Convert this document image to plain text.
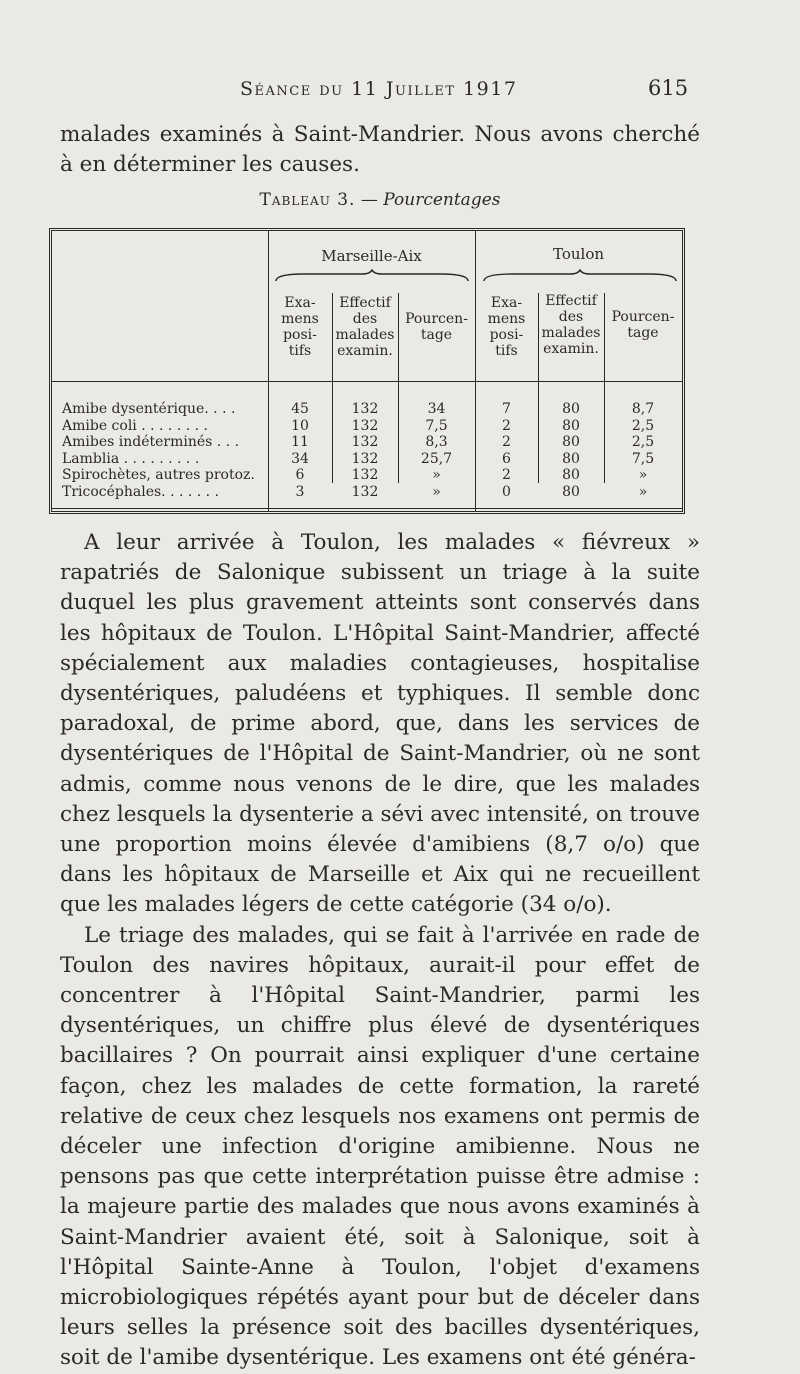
Séance du 11 Juillet 1917	615

malades examinés à Saint-Mandrier. Nous avons cherché à en déterminer les causes.

Tableau 3. — Pourcentages
Marseille-Aix	Toulon
Exa-
mens
posi-
tifs
Effectif
des
malades
examin.
Pourcen-
tage
Exa-
mens
posi-
tifs
Effectif
des
malades
examin.
Pourcen-
tage
Amibe dysentérique. . . .
Amibe coli . . . . . . . .
Amibes indéterminés . . .
Lamblia . . . . . . . . .
Spirochètes, autres protoz.
Tricocéphales. . . . . . .
45
10
11
34
6
3
132
132
132
132
132
132
34
7,5
8,3
25,7
»
»
7
2
2
6
2
0
80
80
80
80
80
80
8,7
2,5
2,5
7,5
»
»

A leur arrivée à Toulon, les malades « fiévreux » rapatriés de Salonique subissent un triage à la suite duquel les plus gravement atteints sont conservés dans les hôpitaux de Toulon. L'Hôpital Saint-Mandrier, affecté spécialement aux maladies contagieuses, hospitalise dysentériques, paludéens et typhiques. Il semble donc paradoxal, de prime abord, que, dans les services de dysentériques de l'Hôpital de Saint-Mandrier, où ne sont admis, comme nous venons de le dire, que les malades chez lesquels la dysenterie a sévi avec intensité, on trouve une proportion moins élevée d'amibiens (8,7 o/o) que dans les hôpitaux de Marseille et Aix qui ne recueillent que les malades légers de cette catégorie (34 o/o).

Le triage des malades, qui se fait à l'arrivée en rade de Toulon des navires hôpitaux, aurait-il pour effet de concentrer à l'Hôpital Saint-Mandrier, parmi les dysentériques, un chiffre plus élevé de dysentériques bacillaires ? On pourrait ainsi expliquer d'une certaine façon, chez les malades de cette formation, la rareté relative de ceux chez lesquels nos examens ont permis de déceler une infection d'origine amibienne. Nous ne pensons pas que cette interprétation puisse être admise : la majeure partie des malades que nous avons examinés à Saint-Mandrier avaient été, soit à Salonique, soit à l'Hôpital Sainte-Anne à Toulon, l'objet d'examens microbiologiques répétés ayant pour but de déceler dans leurs selles la présence soit des bacilles dysentériques, soit de l'amibe dysentérique. Les examens ont été généra-
